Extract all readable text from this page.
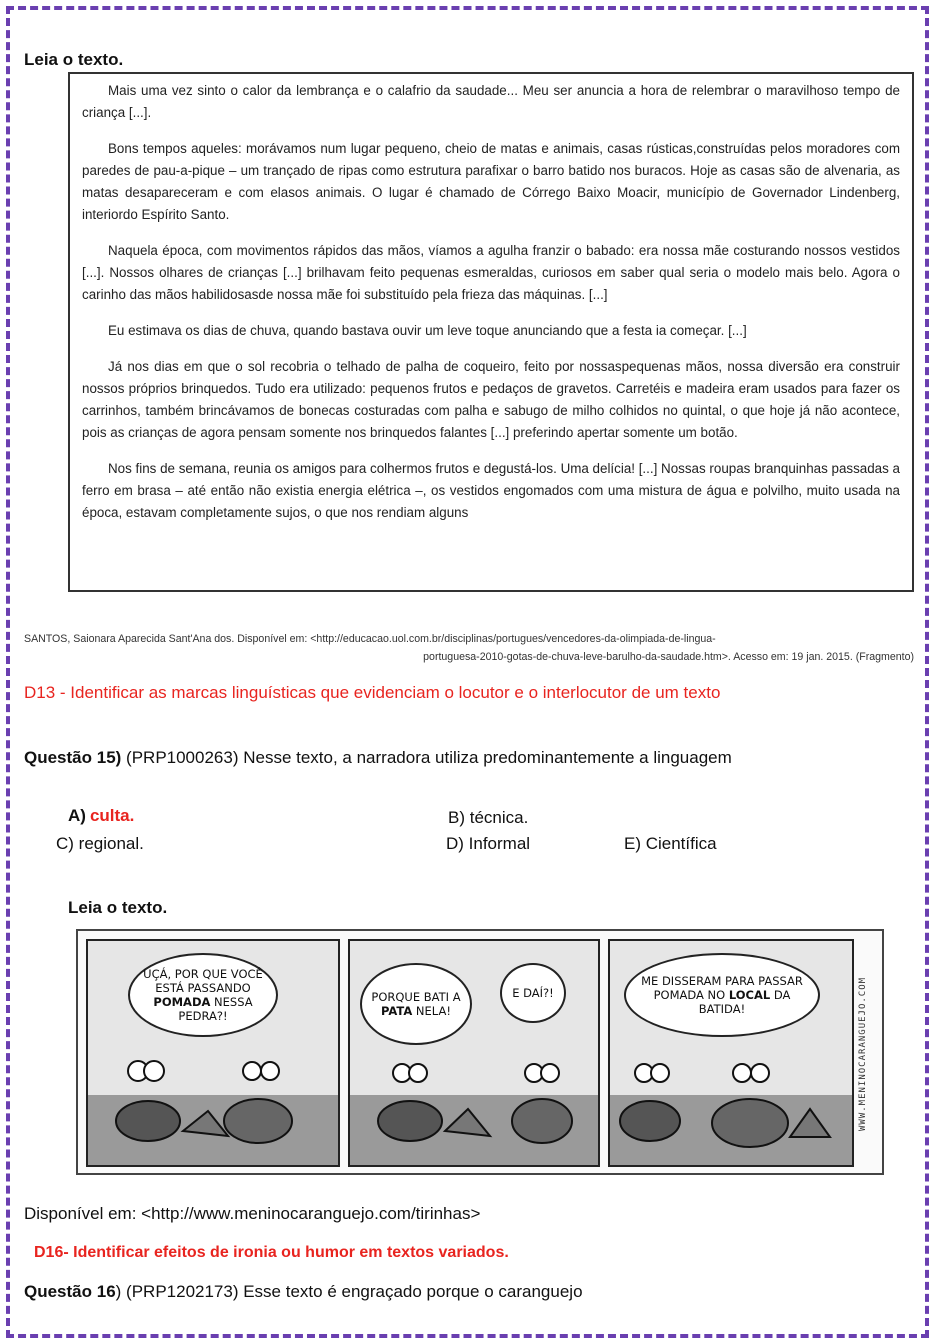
Leia o texto.

Mais uma vez sinto o calor da lembrança e o calafrio da saudade... Meu ser anuncia a hora de relembrar o maravilhoso tempo de criança [...].

Bons tempos aqueles: morávamos num lugar pequeno, cheio de matas e animais, casas rústicas,construídas pelos moradores com paredes de pau-a-pique – um trançado de ripas como estrutura parafixar o barro batido nos buracos. Hoje as casas são de alvenaria, as matas desapareceram e com elasos animais. O lugar é chamado de Córrego Baixo Moacir, município de Governador Lindenberg, interiordo Espírito Santo.

Naquela época, com movimentos rápidos das mãos, víamos a agulha franzir o babado: era nossa mãe costurando nossos vestidos [...]. Nossos olhares de crianças [...] brilhavam feito pequenas esmeraldas, curiosos em saber qual seria o modelo mais belo. Agora o carinho das mãos habilidosasde nossa mãe foi substituído pela frieza das máquinas. [...]

Eu estimava os dias de chuva, quando bastava ouvir um leve toque anunciando que a festa ia começar. [...]

Já nos dias em que o sol recobria o telhado de palha de coqueiro, feito por nossaspequenas mãos, nossa diversão era construir nossos próprios brinquedos. Tudo era utilizado: pequenos frutos e pedaços de gravetos. Carretéis e madeira eram usados para fazer os carrinhos, também brincávamos de bonecas costuradas com palha e sabugo de milho colhidos no quintal, o que hoje já não acontece, pois as crianças de agora pensam somente nos brinquedos falantes [...] preferindo apertar somente um botão.

Nos fins de semana, reunia os amigos para colhermos frutos e degustá-los. Uma delícia! [...] Nossas roupas branquinhas passadas a ferro em brasa – até então não existia energia elétrica –, os vestidos engomados com uma mistura de água e polvilho, muito usada na época, estavam completamente sujos, o que nos rendiam alguns

SANTOS, Saionara Aparecida Sant'Ana dos. Disponível em: <http://educacao.uol.com.br/disciplinas/portugues/vencedores-da-olimpiada-de-lingua-
portuguesa-2010-gotas-de-chuva-leve-barulho-da-saudade.htm>. Acesso em: 19 jan. 2015. (Fragmento)
D13 - Identificar as marcas linguísticas que evidenciam o locutor e o interlocutor de um texto
Questão 15) (PRP1000263) Nesse texto, a narradora utiliza predominantemente a linguagem
A) culta.	B) técnica.
C) regional.	D) Informal	E) Científica
Leia o texto.
UÇÁ, POR QUE VOCÊ ESTÁ PASSANDO POMADA NESSA PEDRA?!
PORQUE BATI A PATA NELA!
E DAÍ?!
ME DISSERAM PARA PASSAR POMADA NO LOCAL DA BATIDA!	WWW.MENINOCARANGUEJO.COM
Disponível em: <http://www.meninocaranguejo.com/tirinhas>
D16- Identificar efeitos de ironia ou humor em textos variados.
Questão 16) (PRP1202173) Esse texto é engraçado porque o caranguejo
